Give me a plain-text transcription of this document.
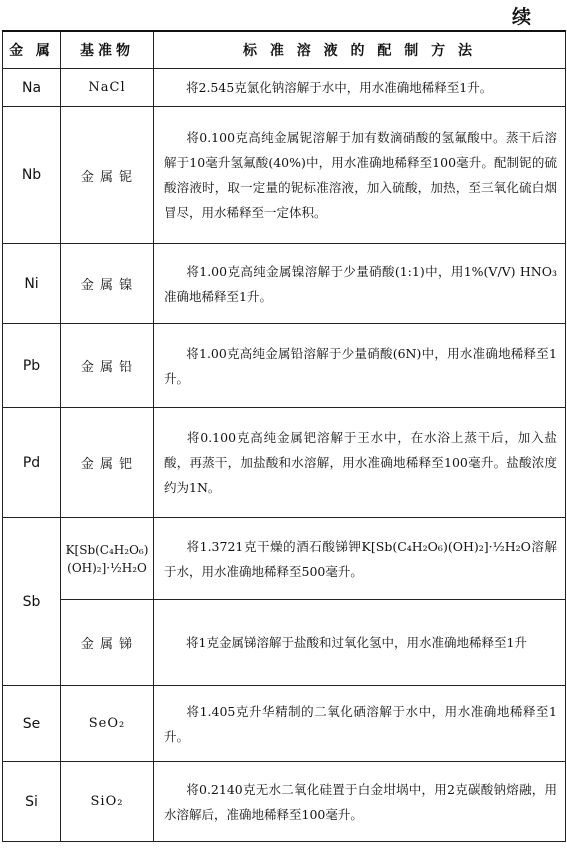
续
金 属	基准物	标 准 溶 液 的 配 制 方 法
Na	NaCl	将2.545克氯化钠溶解于水中，用水准确地稀释至1升。
Nb	金 属 铌	将0.100克高纯金属铌溶解于加有数滴硝酸的氢氟酸中。蒸干后溶解于10毫升氢氟酸(40%)中，用水准确地稀释至100毫升。配制铌的硫酸溶液时，取一定量的铌标准溶液，加入硫酸，加热，至三氧化硫白烟冒尽，用水稀释至一定体积。
Ni	金 属 镍	将1.00克高纯金属镍溶解于少量硝酸(1:1)中，用1%(V/V) HNO₃准确地稀释至1升。
Pb	金 属 铅	将1.00克高纯金属铅溶解于少量硝酸(6N)中，用水准确地稀释至1升。
Pd	金 属 钯	将0.100克高纯金属钯溶解于王水中，在水浴上蒸干后，加入盐酸，再蒸干，加盐酸和水溶解，用水准确地稀释至100毫升。盐酸浓度约为1N。
Sb	K[Sb(C₄H₂O₆)(OH)₂]·½H₂O	将1.3721克干燥的酒石酸锑钾K[Sb(C₄H₂O₆)(OH)₂]·½H₂O溶解于水，用水准确地稀释至500毫升。
	金 属 锑	将1克金属锑溶解于盐酸和过氧化氢中，用水准确地稀释至1升
Se	SeO₂	将1.405克升华精制的二氧化硒溶解于水中，用水准确地稀释至1升。
Si	SiO₂	将0.2140克无水二氧化硅置于白金坩埚中，用2克碳酸钠熔融，用水溶解后，准确地稀释至100毫升。
